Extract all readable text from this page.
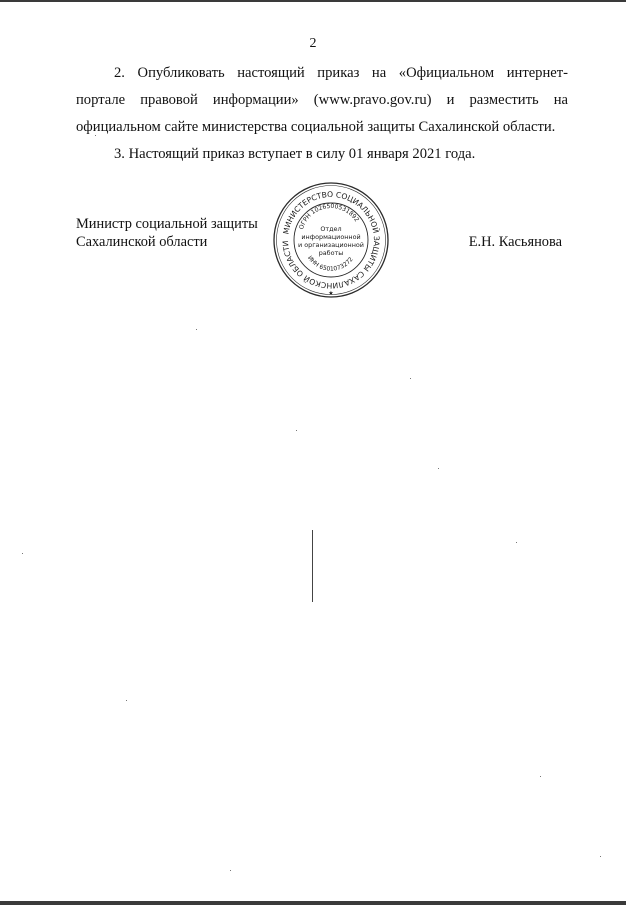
2
2. Опубликовать настоящий приказ на «Официальном интернет-
портале правовой информации» (www.pravo.gov.ru) и разместить на
официальном сайте министерства социальной защиты Сахалинской области.
3. Настоящий приказ вступает в силу 01 января 2021 года.
Министр социальной защиты
Сахалинской области	Е.Н. Касьянова
МИНИСТЕРСТВО СОЦИАЛЬНОЙ ЗАЩИТЫ САХАЛИНСКОЙ ОБЛАСТИ
ОГРН 1026500531892
ИНН 6501073272
Отдел
информационной
и организационной
работы
★
